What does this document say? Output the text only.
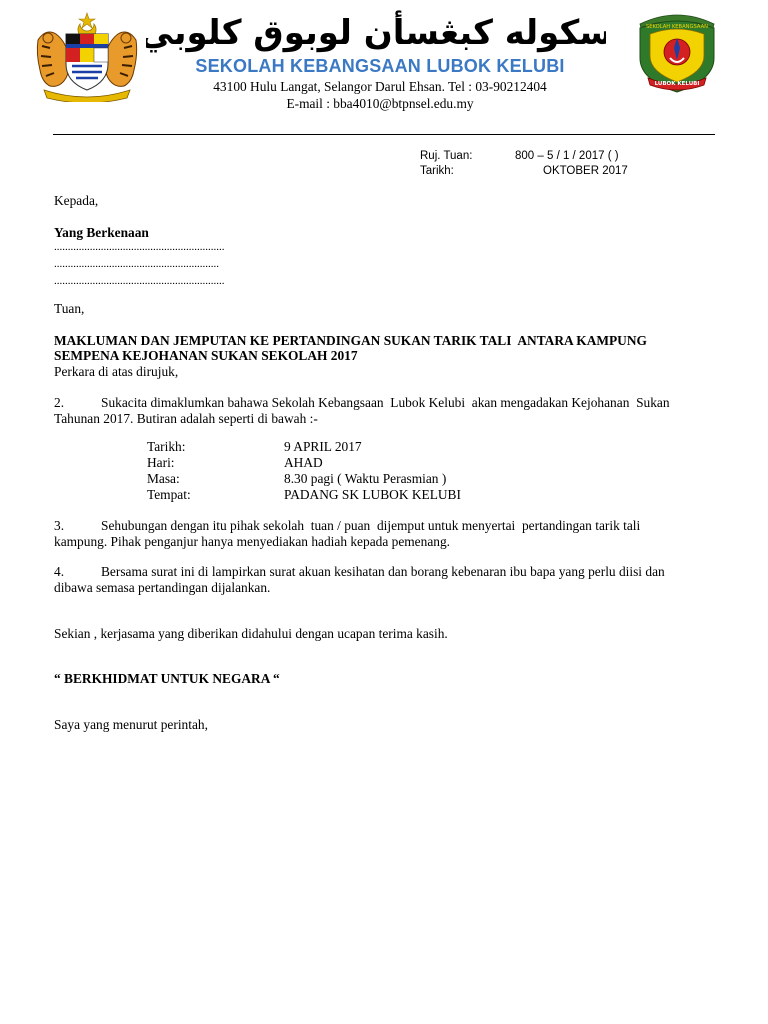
سکوله کبڠسأن لوبوق کلوبي
SEKOLAH KEBANGSAAN LUBOK KELUBI
43100 Hulu Langat, Selangor Darul Ehsan. Tel : 03-90212404
E-mail : bba4010@btpnsel.edu.my
SEKOLAH KEBANGSAAN
LUBOK KELUBI
Ruj. Tuan:	800 – 5 / 1 / 2017 ( )
Tarikh:	OKTOBER 2017
Kepada,
Yang Berkenaan
..............................................................
............................................................
..............................................................
Tuan,
MAKLUMAN DAN JEMPUTAN KE PERTANDINGAN SUKAN TARIK TALI  ANTARA KAMPUNG
SEMPENA KEJOHANAN SUKAN SEKOLAH 2017
Perkara di atas dirujuk,
2.	Sukacita dimaklumkan bahawa Sekolah Kebangsaan  Lubok Kelubi  akan mengadakan Kejohanan  Sukan
Tahunan 2017. Butiran adalah seperti di bawah :-
Tarikh:	9 APRIL 2017
Hari:	AHAD
Masa:	8.30 pagi ( Waktu Perasmian )
Tempat:	PADANG SK LUBOK KELUBI
3.	Sehubungan dengan itu pihak sekolah  tuan / puan  dijemput untuk menyertai  pertandingan tarik tali
kampung. Pihak penganjur hanya menyediakan hadiah kepada pemenang.
4.	Bersama surat ini di lampirkan surat akuan kesihatan dan borang kebenaran ibu bapa yang perlu diisi dan
dibawa semasa pertandingan dijalankan.
Sekian , kerjasama yang diberikan didahului dengan ucapan terima kasih.
“ BERKHIDMAT UNTUK NEGARA “
Saya yang menurut perintah,
